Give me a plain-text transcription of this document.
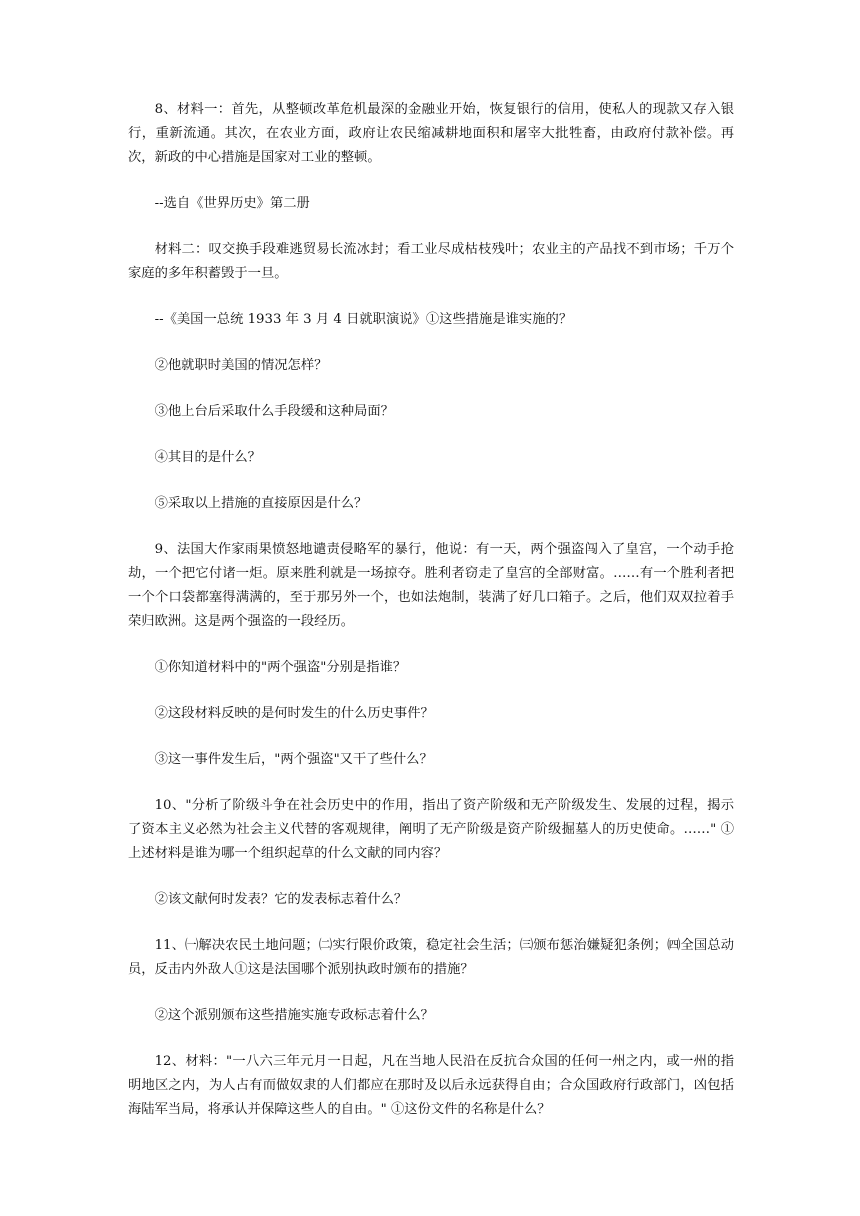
8、材料一：首先，从整顿改革危机最深的金融业开始，恢复银行的信用，使私人的现款又存入银行，重新流通。其次，在农业方面，政府让农民缩减耕地面积和屠宰大批牲畜，由政府付款补偿。再次，新政的中心措施是国家对工业的整顿。

--选自《世界历史》第二册

材料二：叹交换手段难逃贸易长流冰封；看工业尽成枯枝残叶；农业主的产品找不到市场；千万个家庭的多年积蓄毁于一旦。

--《美国一总统 1933 年 3 月 4 日就职演说》①这些措施是谁实施的？

②他就职时美国的情况怎样？

③他上台后采取什么手段缓和这种局面？

④其目的是什么？

⑤采取以上措施的直接原因是什么？

9、法国大作家雨果愤怒地谴责侵略军的暴行，他说：有一天，两个强盗闯入了皇宫，一个动手抢劫，一个把它付诸一炬。原来胜利就是一场掠夺。胜利者窃走了皇宫的全部财富。……有一个胜利者把一个个口袋都塞得满满的，至于那另外一个，也如法炮制，装满了好几口箱子。之后，他们双双拉着手荣归欧洲。这是两个强盗的一段经历。

①你知道材料中的"两个强盗"分别是指谁？

②这段材料反映的是何时发生的什么历史事件？

③这一事件发生后，"两个强盗"又干了些什么？

10、"分析了阶级斗争在社会历史中的作用，指出了资产阶级和无产阶级发生、发展的过程，揭示了资本主义必然为社会主义代替的客观规律，阐明了无产阶级是资产阶级掘墓人的历史使命。……" ①上述材料是谁为哪一个组织起草的什么文献的同内容？

②该文献何时发表？它的发表标志着什么？

11、㈠解决农民土地问题；㈡实行限价政策，稳定社会生活；㈢颁布惩治嫌疑犯条例；㈣全国总动员，反击内外敌人①这是法国哪个派别执政时颁布的措施？

②这个派别颁布这些措施实施专政标志着什么？

12、材料："一八六三年元月一日起，凡在当地人民沿在反抗合众国的任何一州之内，或一州的指明地区之内，为人占有而做奴隶的人们都应在那时及以后永远获得自由；合众国政府行政部门，凶包括海陆军当局，将承认并保障这些人的自由。" ①这份文件的名称是什么？
